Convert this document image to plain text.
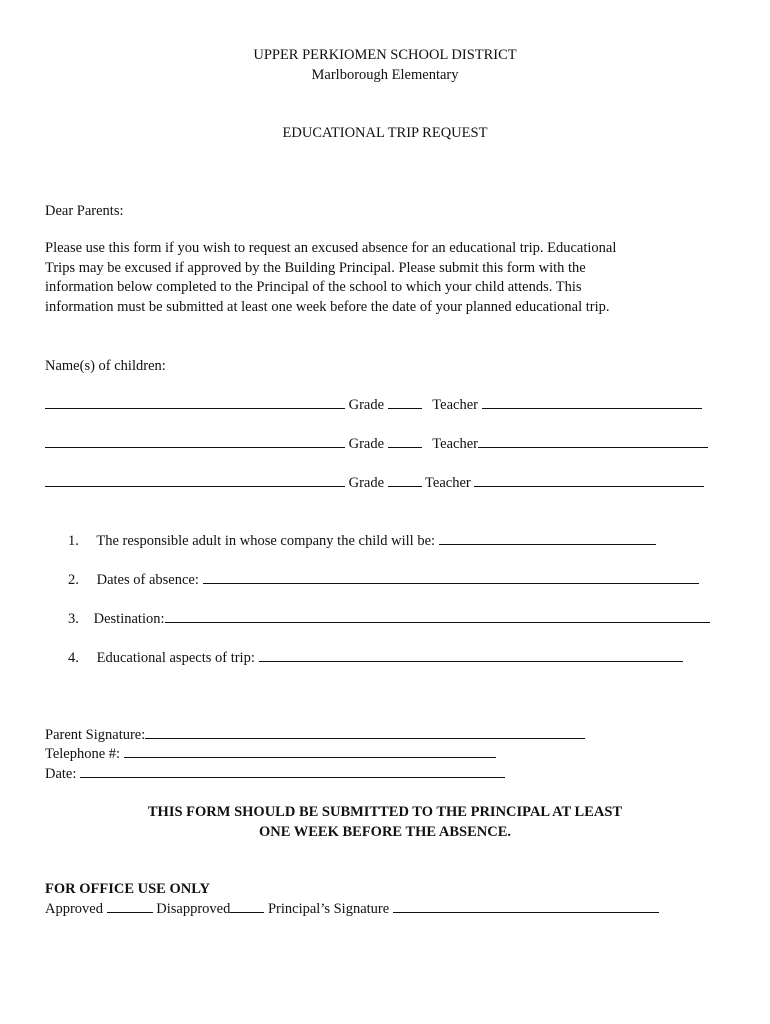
UPPER PERKIOMEN SCHOOL DISTRICT
Marlborough Elementary
EDUCATIONAL TRIP REQUEST
Dear Parents:
Please use this form if you wish to request an excused absence for an educational trip. Educational
Trips may be excused if approved by the Building Principal. Please submit this form with the
information below completed to the Principal of the school to which your child attends. This
information must be submitted at least one week before the date of your planned educational trip.
Name(s) of children:
Grade	Teacher
Grade	Teacher
Grade	Teacher
1. The responsible adult in whose company the child will be:
2. Dates of absence:
3. Destination:
4. Educational aspects of trip:
Parent Signature:
Telephone #:
Date:
THIS FORM SHOULD BE SUBMITTED TO THE PRINCIPAL AT LEAST
ONE WEEK BEFORE THE ABSENCE.
FOR OFFICE USE ONLY
Approved	Disapproved	Principal’s Signature
